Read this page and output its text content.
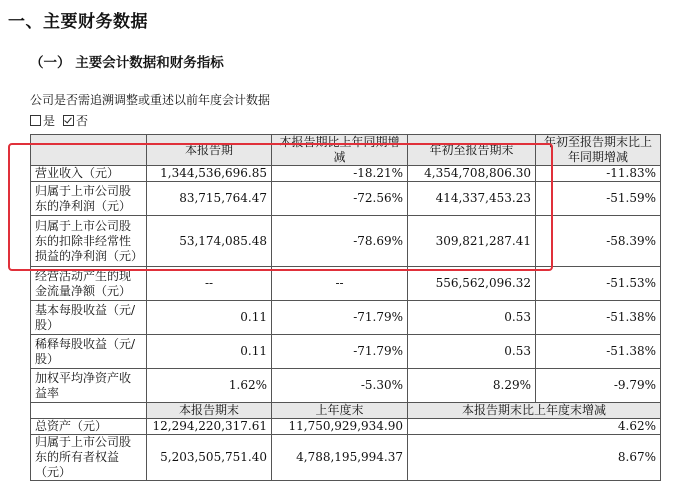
一、主要财务数据
（一） 主要会计数据和财务指标
公司是否需追溯调整或重述以前年度会计数据
是 否
	本报告期	本报告期比上年同期增减	年初至报告期末	年初至报告期末比上年同期增减
营业收入（元）	1,344,536,696.85	-18.21%	4,354,708,806.30	-11.83%
归属于上市公司股东的净利润（元）	83,715,764.47	-72.56%	414,337,453.23	-51.59%
归属于上市公司股东的扣除非经常性损益的净利润（元）	53,174,085.48	-78.69%	309,821,287.41	-58.39%
经营活动产生的现金流量净额（元）	--	--	556,562,096.32	-51.53%
基本每股收益（元/股）	0.11	-71.79%	0.53	-51.38%
稀释每股收益（元/股）	0.11	-71.79%	0.53	-51.38%
加权平均净资产收益率	1.62%	-5.30%	8.29%	-9.79%
	本报告期末	上年度末	本报告期末比上年度末增减	
总资产（元）	12,294,220,317.61	11,750,929,934.90	4.62%	
归属于上市公司股东的所有者权益（元）	5,203,505,751.40	4,788,195,994.37	8.67%	
